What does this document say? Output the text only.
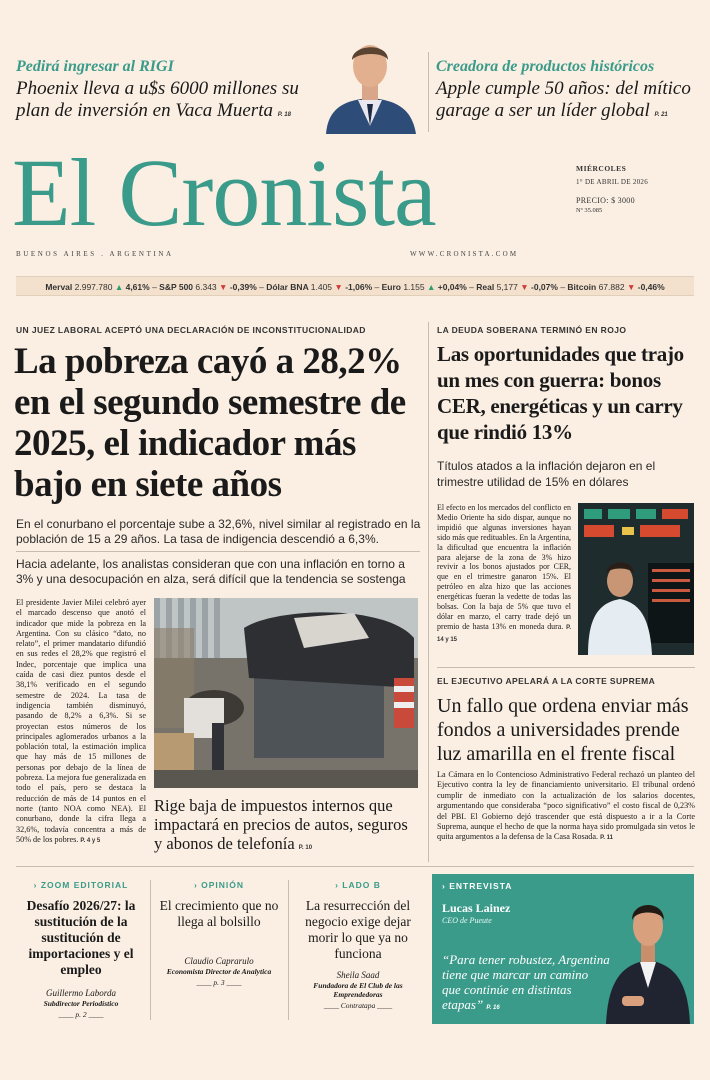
Pedirá ingresar al RIGI
Phoenix lleva a u$s 6000 millones su plan de inversión en Vaca Muerta P. 18
Creadora de productos históricos
Apple cumple 50 años: del mítico garage a ser un líder global P. 21
El Cronista	MIÉRCOLES
1° DE ABRIL DE 2026
PRECIO: $ 3000
Nº 35.085
BUENOS AIRES . ARGENTINA	WWW.CRONISTA.COM
Merval 2.997.780 ▲ 4,61% – S&P 500 6.343 ▼ -0,39% – Dólar BNA 1.405 ▼ -1,06% – Euro 1.155 ▲ +0,04% – Real 5,177 ▼ -0,07% – Bitcoin 67.882 ▼ -0,46%
UN JUEZ LABORAL ACEPTÓ UNA DECLARACIÓN DE INCONSTITUCIONALIDAD
La pobreza cayó a 28,2% en el segundo semestre de 2025, el indicador más bajo en siete años
En el conurbano el porcentaje sube a 32,6%, nivel similar al registrado en la población de 15 a 29 años. La tasa de indigencia descendió a 6,3%.
Hacia adelante, los analistas consideran que con una inflación en torno a 3% y una desocupación en alza, será difícil que la tendencia se sostenga
El presidente Javier Milei celebró ayer el marcado descenso que anotó el indicador que mide la pobreza en la Argentina. Con su clásico “dato, no relato”, el primer mandatario difundió en sus redes el 28,2% que registró el Indec, porcentaje que implica una caída de casi diez puntos desde el 38,1% verificado en el segundo semestre de 2024. La tasa de indigencia también disminuyó, pasando de 8,2% a 6,3%. Si se proyectan estos números de los principales aglomerados urbanos a la población total, la estimación implica que hay más de 15 millones de personas por debajo de la línea de pobreza. La mejora fue generalizada en todo el país, pero se destaca la reducción de más de 14 puntos en el norte (tanto NOA como NEA). El conurbano, donde la cifra llega a 32,6%, todavía concentra a más de 50% de los pobres. P. 4 y 5
Rige baja de impuestos internos que impactará en precios de autos, seguros y abonos de telefonía P. 10
LA DEUDA SOBERANA TERMINÓ EN ROJO
Las oportunidades que trajo un mes con guerra: bonos CER, energéticas y un carry que rindió 13%
Títulos atados a la inflación dejaron en el trimestre utilidad de 15% en dólares
El efecto en los mercados del conflicto en Medio Oriente ha sido dispar, aunque no impidió que algunas inversiones hayan sido más que redituables. En la Argentina, la dificultad que encuentra la inflación para alejarse de la zona de 3% hizo revivir a los bonos ajustados por CER, que en el trimestre ganaron 15%. El petróleo en alza hizo que las acciones energéticas fueran la vedette de todas las bolsas. Con la baja de 5% que tuvo el dólar en marzo, el carry trade dejó un premio de hasta 13% en moneda dura. P. 14 y 15
EL EJECUTIVO APELARÁ A LA CORTE SUPREMA
Un fallo que ordena enviar más fondos a universidades prende luz amarilla en el frente fiscal
La Cámara en lo Contencioso Administrativo Federal rechazó un planteo del Ejecutivo contra la ley de financiamiento universitario. El tribunal ordenó cumplir de inmediato con la actualización de los salarios docentes, argumentando que consideraba “poco significativo” el costo fiscal de 0,23% del PBI. El Gobierno dejó trascender que está dispuesto a ir a la Corte Suprema, aunque el hecho de que la norma haya sido promulgada sin vetos le quita argumentos a la defensa de la Casa Rosada. P. 11
› ZOOM EDITORIAL
Desafío 2026/27: la sustitución de la sustitución de importaciones y el empleo
Guillermo Laborda
Subdirector Periodístico
____ p. 2 ____
› OPINIÓN
El crecimiento que no llega al bolsillo
Claudio Caprarulo
Economista Director de Analytica
____ p. 3 ____
› LADO B
La resurrección del negocio exige dejar morir lo que ya no funciona
Sheila Saad
Fundadora de El Club de las Emprendedoras
____ Contratapa ____
› ENTREVISTA
Lucas Lainez
CEO de Pueute
“Para tener robustez, Argentina tiene que marcar un camino que continúe en distintas etapas” P. 16
